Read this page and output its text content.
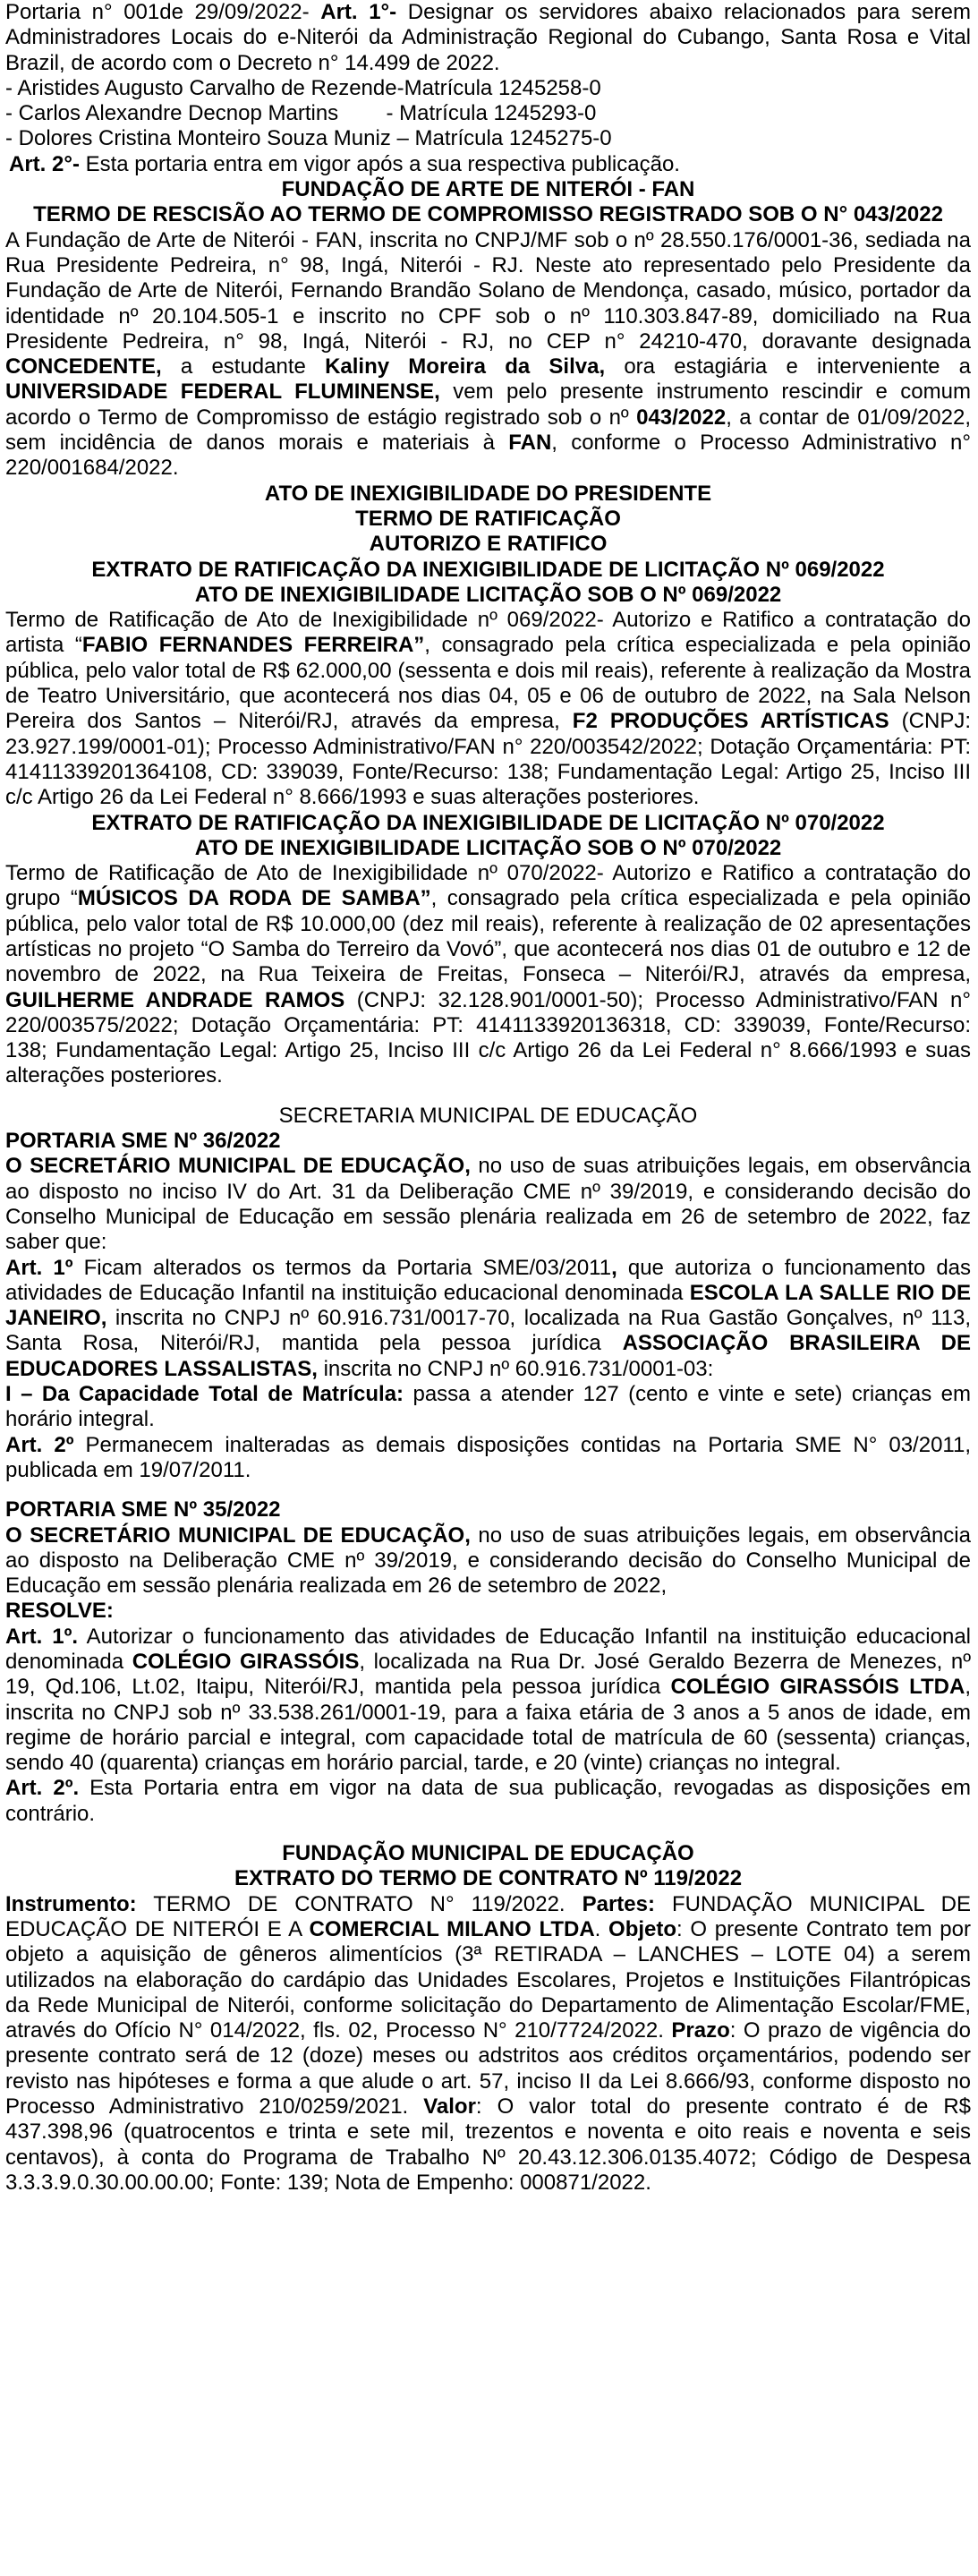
Portaria n° 001de 29/09/2022- Art. 1°- Designar os servidores abaixo relacionados para serem Administradores Locais do e-Niterói da Administração Regional do Cubango, Santa Rosa e Vital Brazil, de acordo com o Decreto n° 14.499 de 2022.

- Aristides Augusto Carvalho de Rezende-Matrícula 1245258-0

- Carlos Alexandre Decnop Martins        - Matrícula 1245293-0

- Dolores Cristina Monteiro Souza Muniz – Matrícula 1245275-0

Art. 2°- Esta portaria entra em vigor após a sua respectiva publicação.

FUNDAÇÃO DE ARTE DE NITERÓI - FAN

TERMO DE RESCISÃO AO TERMO DE COMPROMISSO REGISTRADO SOB O N° 043/2022

A Fundação de Arte de Niterói - FAN, inscrita no CNPJ/MF sob o nº 28.550.176/0001-36, sediada na Rua Presidente Pedreira, n° 98, Ingá, Niterói - RJ. Neste ato representado pelo Presidente da Fundação de Arte de Niterói, Fernando Brandão Solano de Mendonça, casado, músico, portador da identidade nº 20.104.505-1 e inscrito no CPF sob o nº 110.303.847-89, domiciliado na Rua Presidente Pedreira, n° 98, Ingá, Niterói - RJ, no CEP n° 24210-470, doravante designada CONCEDENTE, a estudante Kaliny Moreira da Silva, ora estagiária e interveniente a UNIVERSIDADE FEDERAL FLUMINENSE, vem pelo presente instrumento rescindir e comum acordo o Termo de Compromisso de estágio registrado sob o nº 043/2022, a contar de 01/09/2022, sem incidência de danos morais e materiais à FAN, conforme o Processo Administrativo n° 220/001684/2022.

ATO DE INEXIGIBILIDADE DO PRESIDENTE

TERMO DE RATIFICAÇÃO

AUTORIZO E RATIFICO

EXTRATO DE RATIFICAÇÃO DA INEXIGIBILIDADE DE LICITAÇÃO Nº 069/2022

ATO DE INEXIGIBILIDADE LICITAÇÃO SOB O Nº 069/2022

Termo de Ratificação de Ato de Inexigibilidade nº 069/2022- Autorizo e Ratifico a contratação do artista “FABIO FERNANDES FERREIRA”, consagrado pela crítica especializada e pela opinião pública, pelo valor total de R$ 62.000,00 (sessenta e dois mil reais), referente à realização da Mostra de Teatro Universitário, que acontecerá nos dias 04, 05 e 06 de outubro de 2022, na Sala Nelson Pereira dos Santos – Niterói/RJ, através da empresa, F2 PRODUÇÕES ARTÍSTICAS (CNPJ: 23.927.199/0001-01); Processo Administrativo/FAN n° 220/003542/2022; Dotação Orçamentária: PT: 41411339201364108, CD: 339039, Fonte/Recurso: 138; Fundamentação Legal: Artigo 25, Inciso III c/c Artigo 26 da Lei Federal n° 8.666/1993 e suas alterações posteriores.

EXTRATO DE RATIFICAÇÃO DA INEXIGIBILIDADE DE LICITAÇÃO Nº 070/2022

ATO DE INEXIGIBILIDADE LICITAÇÃO SOB O Nº 070/2022

Termo de Ratificação de Ato de Inexigibilidade nº 070/2022- Autorizo e Ratifico a contratação do grupo “MÚSICOS DA RODA DE SAMBA”, consagrado pela crítica especializada e pela opinião pública, pelo valor total de R$ 10.000,00 (dez mil reais), referente à realização de 02 apresentações artísticas no projeto “O Samba do Terreiro da Vovó”, que acontecerá nos dias 01 de outubro e 12 de novembro de 2022, na Rua Teixeira de Freitas, Fonseca – Niterói/RJ, através da empresa, GUILHERME ANDRADE RAMOS (CNPJ: 32.128.901/0001-50); Processo Administrativo/FAN n° 220/003575/2022; Dotação Orçamentária: PT: 4141133920136318, CD: 339039, Fonte/Recurso: 138; Fundamentação Legal: Artigo 25, Inciso III c/c Artigo 26 da Lei Federal n° 8.666/1993 e suas alterações posteriores.

SECRETARIA MUNICIPAL DE EDUCAÇÃO

PORTARIA SME Nº 36/2022

O SECRETÁRIO MUNICIPAL DE EDUCAÇÃO, no uso de suas atribuições legais, em observância ao disposto no inciso IV do Art. 31 da Deliberação CME nº 39/2019, e considerando decisão do Conselho Municipal de Educação em sessão plenária realizada em 26 de setembro de 2022, faz saber que:

Art. 1º Ficam alterados os termos da Portaria SME/03/2011, que autoriza o funcionamento das atividades de Educação Infantil na instituição educacional denominada ESCOLA LA SALLE RIO DE JANEIRO, inscrita no CNPJ nº 60.916.731/0017-70, localizada na Rua Gastão Gonçalves, nº 113, Santa Rosa, Niterói/RJ, mantida pela pessoa jurídica ASSOCIAÇÃO BRASILEIRA DE EDUCADORES LASSALISTAS, inscrita no CNPJ nº 60.916.731/0001-03:

I – Da Capacidade Total de Matrícula: passa a atender 127 (cento e vinte e sete) crianças em horário integral.

Art. 2º Permanecem inalteradas as demais disposições contidas na Portaria SME N° 03/2011, publicada em 19/07/2011.

PORTARIA SME Nº 35/2022

O SECRETÁRIO MUNICIPAL DE EDUCAÇÃO, no uso de suas atribuições legais, em observância ao disposto na Deliberação CME nº 39/2019, e considerando decisão do Conselho Municipal de Educação em sessão plenária realizada em 26 de setembro de 2022,

RESOLVE:

Art. 1º. Autorizar o funcionamento das atividades de Educação Infantil na instituição educacional denominada COLÉGIO GIRASSÓIS, localizada na Rua Dr. José Geraldo Bezerra de Menezes, nº 19, Qd.106, Lt.02, Itaipu, Niterói/RJ, mantida pela pessoa jurídica COLÉGIO GIRASSÓIS LTDA, inscrita no CNPJ sob nº 33.538.261/0001-19, para a faixa etária de 3 anos a 5 anos de idade, em regime de horário parcial e integral, com capacidade total de matrícula de 60 (sessenta) crianças, sendo 40 (quarenta) crianças em horário parcial, tarde, e 20 (vinte) crianças no integral.

Art. 2º. Esta Portaria entra em vigor na data de sua publicação, revogadas as disposições em contrário.

FUNDAÇÃO MUNICIPAL DE EDUCAÇÃO

EXTRATO DO TERMO DE CONTRATO Nº 119/2022

Instrumento: TERMO DE CONTRATO N° 119/2022. Partes: FUNDAÇÃO MUNICIPAL DE EDUCAÇÃO DE NITERÓI E A COMERCIAL MILANO LTDA. Objeto: O presente Contrato tem por objeto a aquisição de gêneros alimentícios (3ª RETIRADA – LANCHES – LOTE 04) a serem utilizados na elaboração do cardápio das Unidades Escolares, Projetos e Instituições Filantrópicas da Rede Municipal de Niterói, conforme solicitação do Departamento de Alimentação Escolar/FME, através do Ofício N° 014/2022, fls. 02, Processo N° 210/7724/2022. Prazo: O prazo de vigência do presente contrato será de 12 (doze) meses ou adstritos aos créditos orçamentários, podendo ser revisto nas hipóteses e forma a que alude o art. 57, inciso II da Lei 8.666/93, conforme disposto no Processo Administrativo 210/0259/2021. Valor: O valor total do presente contrato é de R$ 437.398,96 (quatrocentos e trinta e sete mil, trezentos e noventa e oito reais e noventa e seis centavos), à conta do Programa de Trabalho Nº 20.43.12.306.0135.4072; Código de Despesa 3.3.3.9.0.30.00.00.00; Fonte: 139; Nota de Empenho: 000871/2022.
